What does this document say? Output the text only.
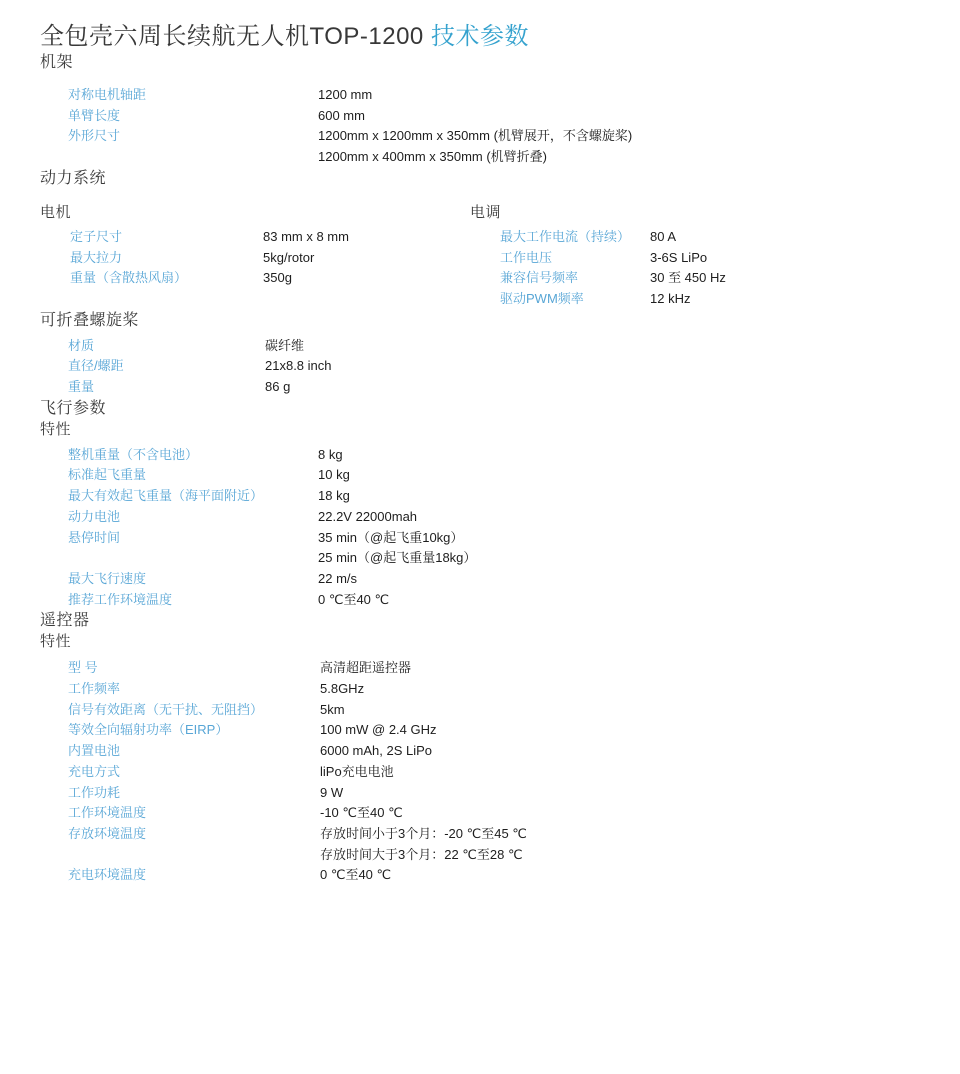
全包壳六周长续航无人机TOP-1200 技术参数
机架
对称电机轴距	1200 mm
单臂长度	600 mm
外形尺寸	1200mm x 1200mm x 350mm (机臂展开，不含螺旋桨)
1200mm x 400mm x 350mm (机臂折叠)
动力系统
电机
定子尺寸	83 mm x 8 mm
最大拉力	5kg/rotor
重量（含散热风扇）	350g
电调
最大工作电流（持续）	80 A
工作电压	3-6S LiPo
兼容信号频率	30 至 450 Hz
驱动PWM频率	12 kHz
可折叠螺旋桨
材质	碳纤维
直径/螺距	21x8.8 inch
重量	86 g
飞行参数
特性
整机重量（不含电池）	8 kg
标准起飞重量	10 kg
最大有效起飞重量（海平面附近）	18 kg
动力电池	22.2V 22000mah
悬停时间	35 min（@起飞重10kg）
25 min（@起飞重量18kg）
最大飞行速度	22 m/s
推荐工作环境温度	0 ℃至40 ℃
遥控器
特性
型 号	高清超距遥控器
工作频率	5.8GHz
信号有效距离（无干扰、无阻挡）	5km
等效全向辐射功率（EIRP）	100 mW @ 2.4 GHz
内置电池	6000 mAh, 2S LiPo
充电方式	liPo充电电池
工作功耗	9 W
工作环境温度	-10 ℃至40 ℃
存放环境温度	存放时间小于3个月：-20 ℃至45 ℃
存放时间大于3个月：22 ℃至28 ℃
充电环境温度	0 ℃至40 ℃
